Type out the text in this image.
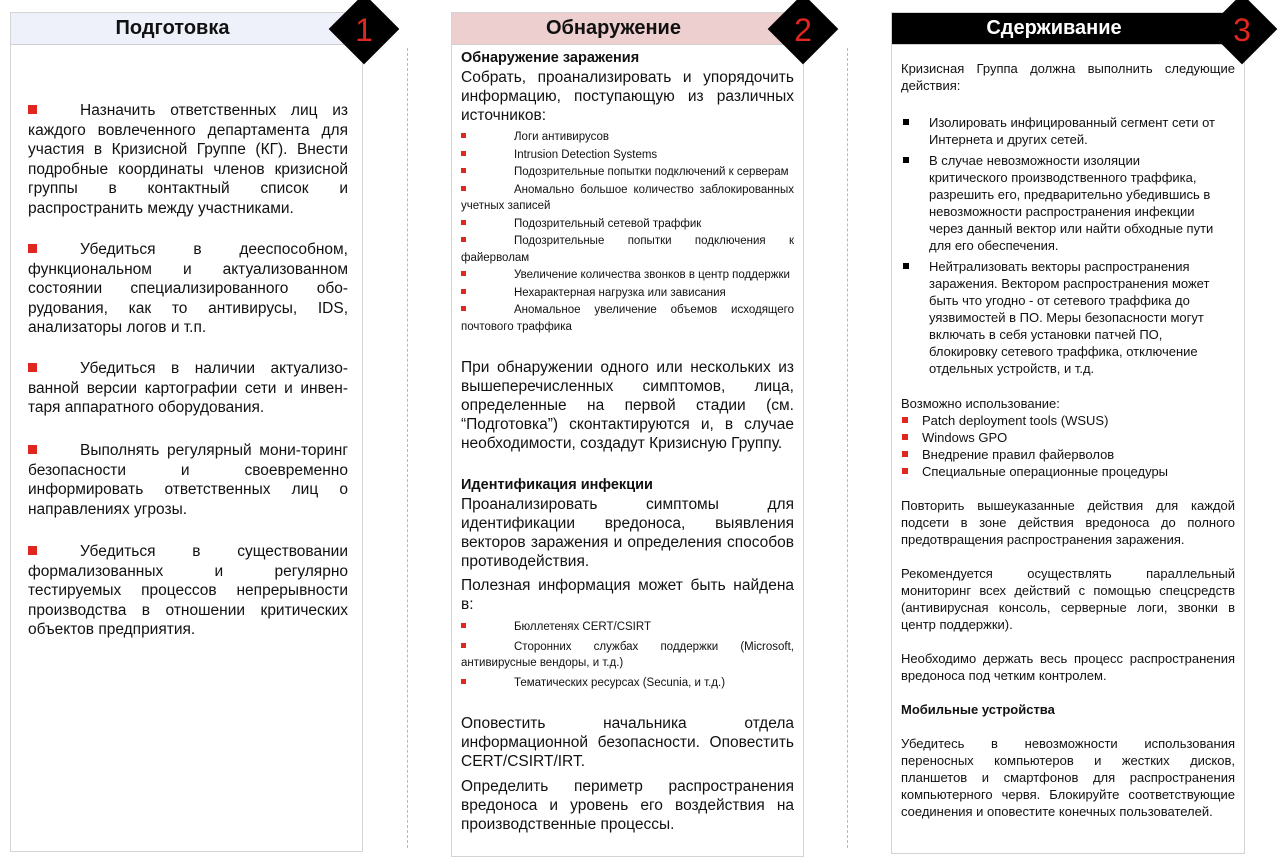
Подготовка	1
Назначить ответственных лиц из каждого вовлеченного департамента для участия в Кризисной Группе (КГ). Внести подробные координаты членов кризисной группы в контактный список и распространить между участниками.
Убедиться в дееспособном, функциональном и актуализованном состоянии специализированного обо-рудования, как то антивирусы, IDS, анализаторы логов и т.п.
Убедиться в наличии актуализо-ванной версии картографии сети и инвен-таря аппаратного оборудования.
Выполнять регулярный мони-торинг безопасности и своевременно информировать ответственных лиц о направлениях угрозы.
Убедиться в существовании формализованных и регулярно тестируемых процессов непрерывности производства в отношении критических объектов предприятия.
Обнаружение	2
Обнаружение заражения
Собрать, проанализировать и упорядочить информацию, поступающую из различных источников:
Логи антивирусов
Intrusion Detection Systems
Подозрительные попытки подключений к серверам
Аномально большое количество заблокированных учетных записей
Подозрительный сетевой траффик
Подозрительные попытки подключения к файерволам
Увеличение количества звонков в центр поддержки
Нехарактерная нагрузка или зависания
Аномальное увеличение объемов исходящего почтового траффика
При обнаружении одного или нескольких из вышеперечисленных симптомов, лица, определенные на первой стадии (см. “Подготовка”) сконтактируются и, в случае необходимости, создадут Кризисную Группу.
Идентификация инфекции
Проанализировать симптомы для идентификации вредоноса, выявления векторов заражения и определения способов противодействия.
Полезная информация может быть найдена в:
Бюллетенях CERT/CSIRT
Сторонних службах поддержки (Microsoft, антивирусные вендоры, и т.д.)
Тематических ресурсах (Secunia, и т.д.)
Оповестить начальника отдела информационной безопасности. Оповестить CERT/CSIRT/IRT.
Определить периметр распространения вредоноса и уровень его воздействия на производственные процессы.
Сдерживание	3
Кризисная Группа должна выполнить следующие действия:
Изолировать инфицированный сегмент сети от Интернета и других сетей.
В случае невозможности изоляции критического производственного траффика, разрешить его, предварительно убедившись в невозможности распространения инфекции через данный вектор или найти обходные пути для его обеспечения.
Нейтрализовать векторы распространения заражения. Вектором распространения может быть что угодно - от сетевого траффика до уязвимостей в ПО. Меры безопасности могут включать в себя установки патчей ПО, блокировку сетевого траффика, отключение отдельных устройств, и т.д.
Возможно использование:
Patch deployment tools (WSUS)
Windows GPO
Внедрение правил файерволов
Специальные операционные процедуры
Повторить вышеуказанные действия для каждой подсети в зоне действия вредоноса до полного предотвращения распространения заражения.
Рекомендуется осуществлять параллельный мониторинг всех действий с помощью спецсредств (антивирусная консоль, серверные логи, звонки в центр поддержки).
Необходимо держать весь процесс распространения вредоноса под четким контролем.
Мобильные устройства
Убедитесь в невозможности использования переносных компьютеров и жестких дисков, планшетов и смартфонов для распространения компьютерного червя. Блокируйте соответствующие соединения и оповестите конечных пользователей.
